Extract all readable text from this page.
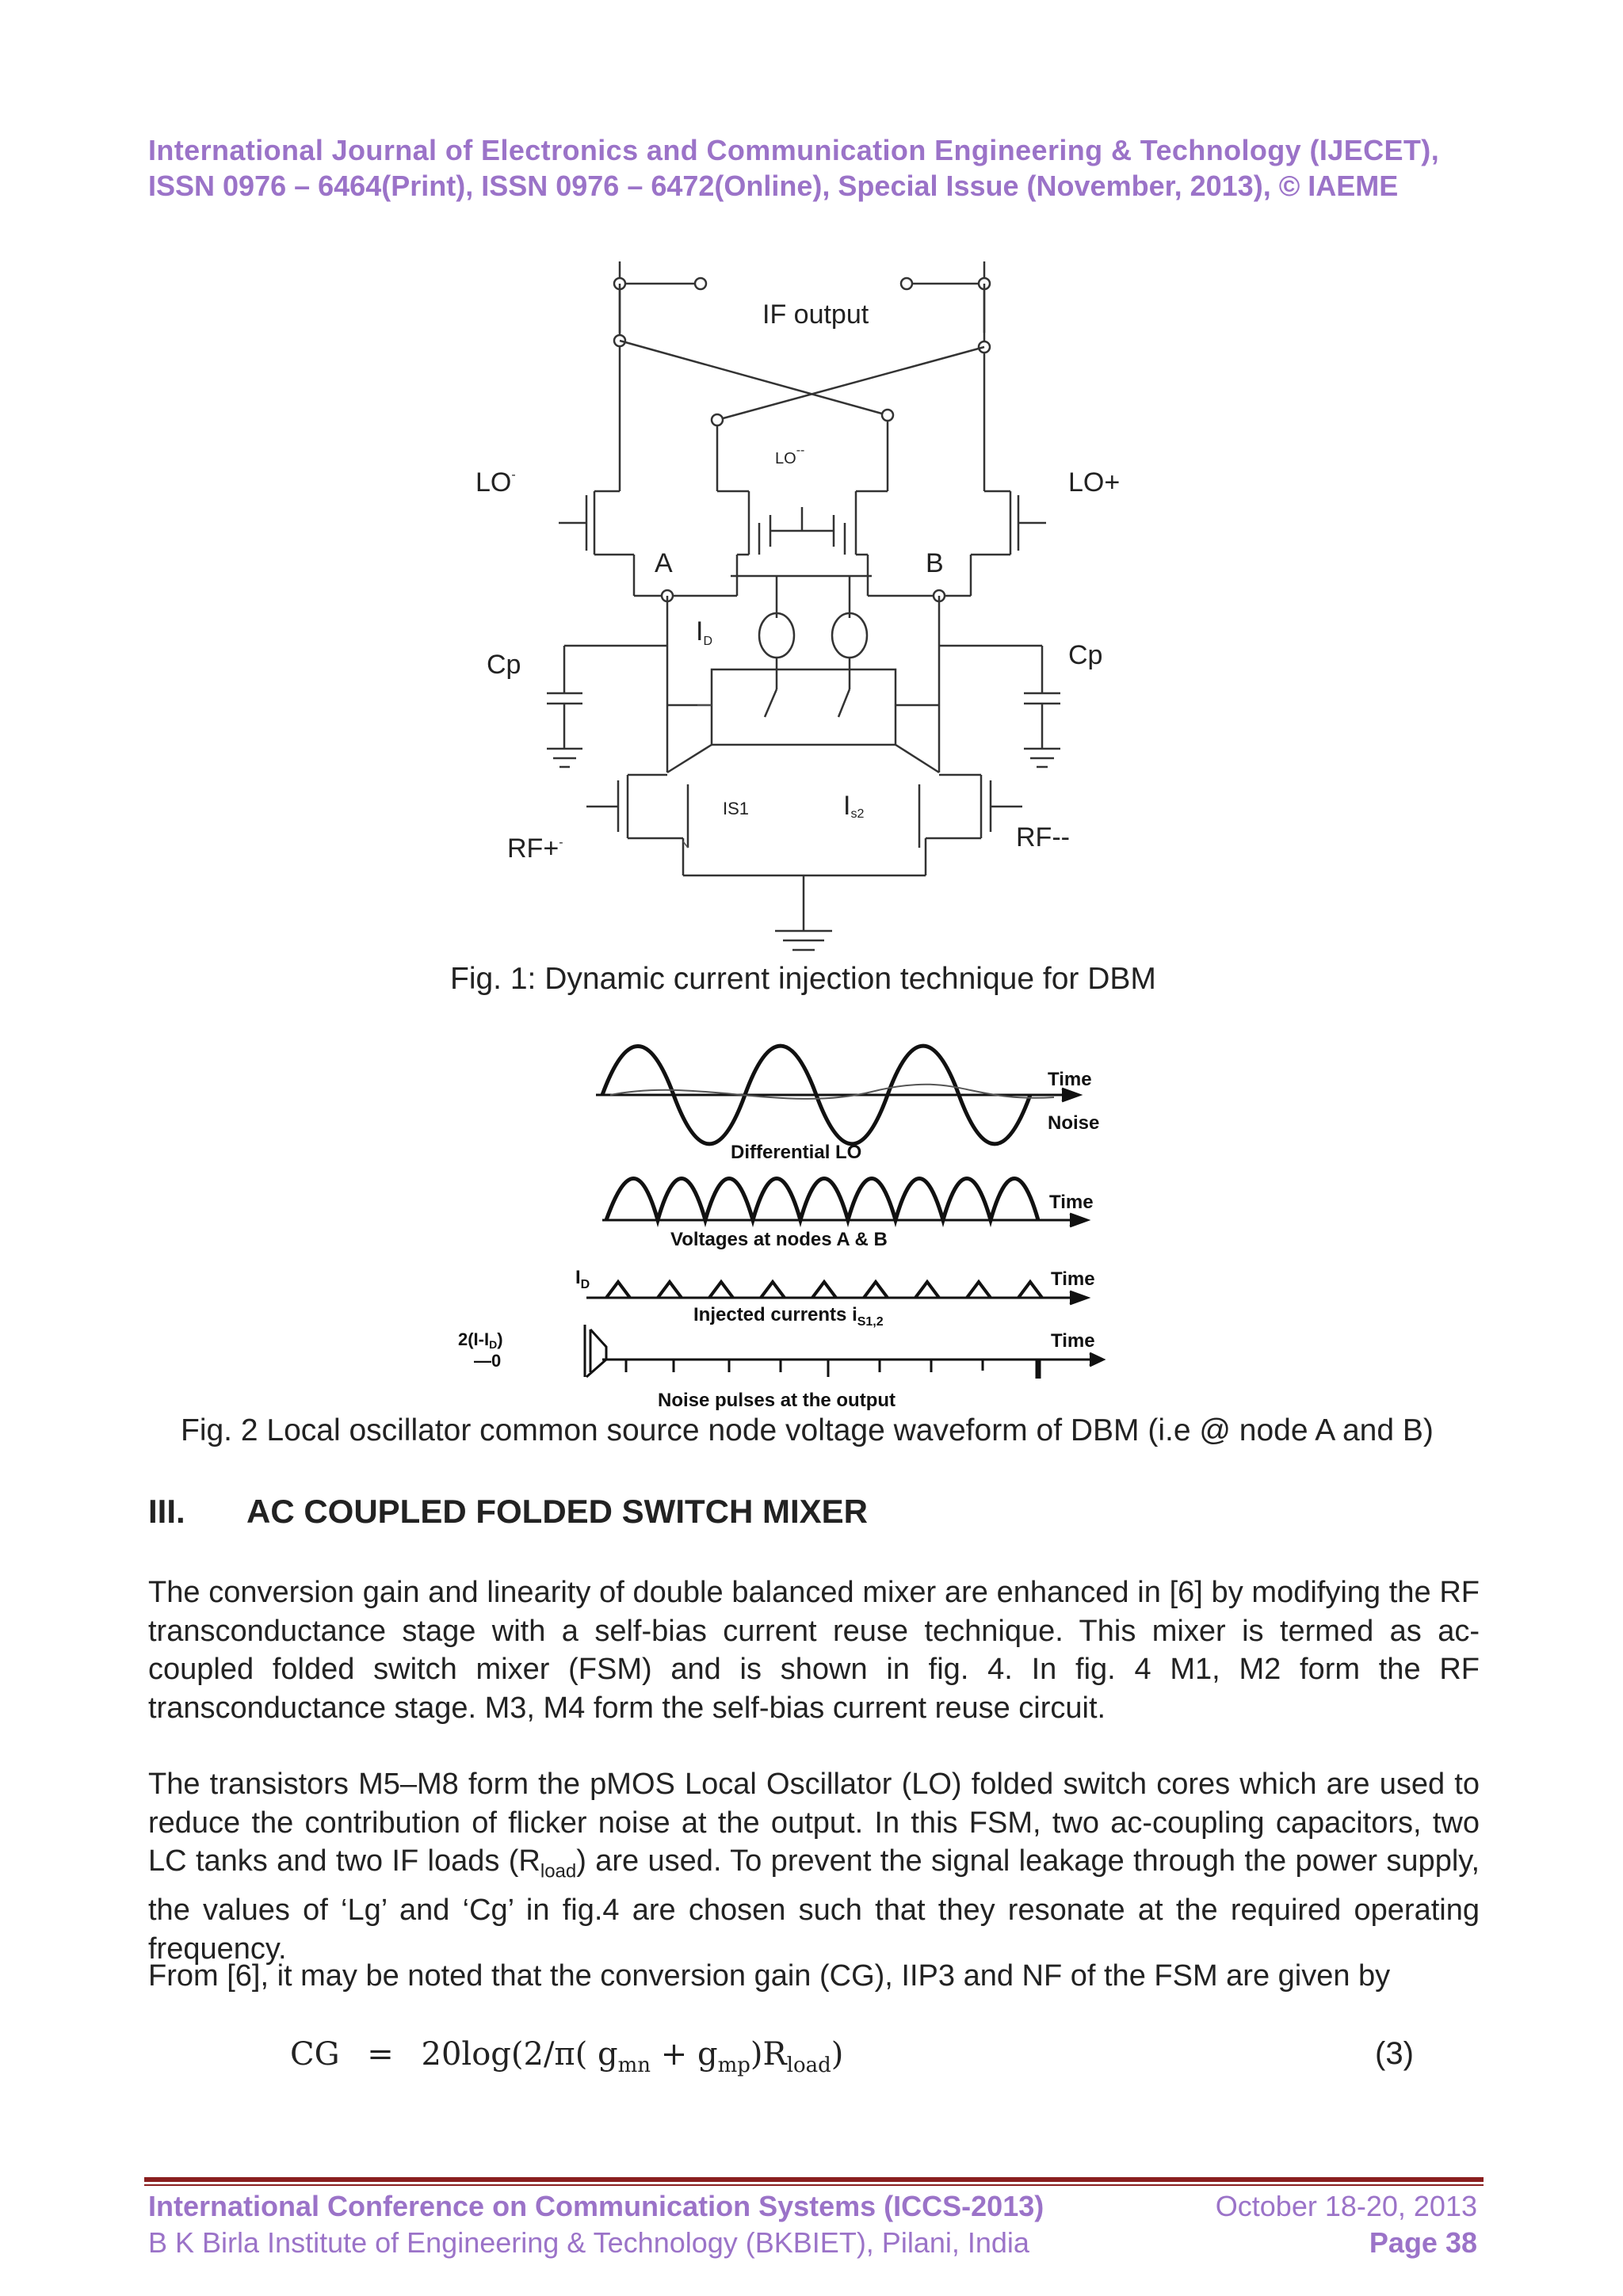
International Journal of Electronics and Communication Engineering & Technology (IJECET),
ISSN 0976 – 6464(Print), ISSN 0976 – 6472(Online), Special Issue (November, 2013), © IAEME
IF output
LO-
LO--
LO+
A	B
ID
Cp	Cp
IS1	Is2
RF+-	RF--
Fig. 1: Dynamic current injection technique for DBM
Time
Noise
Differential LO
Time
Voltages at nodes A & B
$I_D$	Time
Injected currents $i_{S1,2}$
2(I-ID)
—0
Time
Noise pulses at the output
Fig. 2 Local oscillator common source node voltage waveform of DBM (i.e @ node A and B)
III. AC COUPLED FOLDED SWITCH MIXER
The conversion gain and linearity of double balanced mixer are enhanced in [6] by modifying the RF transconductance stage with a self-bias current reuse technique. This mixer is termed as ac-coupled folded switch mixer (FSM) and is shown in fig. 4. In fig. 4 M1, M2 form the RF transconductance stage. M3, M4 form the self-bias current reuse circuit.
The transistors M5–M8 form the pMOS Local Oscillator (LO) folded switch cores which are used to reduce the contribution of flicker noise at the output. In this FSM, two ac-coupling capacitors, two LC tanks and two IF loads $(R_{load})$ are used. To prevent the signal leakage through the power supply, the values of ‘Lg’ and ‘Cg’ in fig.4 are chosen such that they resonate at the required operating frequency.
From [6], it may be noted that the conversion gain (CG), IIP3 and NF of the FSM are given by
CG = 20log(2/π( $g_{mn} + g_{mp})R_{load}$)	(3)
International Conference on Communication Systems (ICCS-2013)
B K Birla Institute of Engineering & Technology (BKBIET), Pilani, India
October 18-20, 2013
Page 38
